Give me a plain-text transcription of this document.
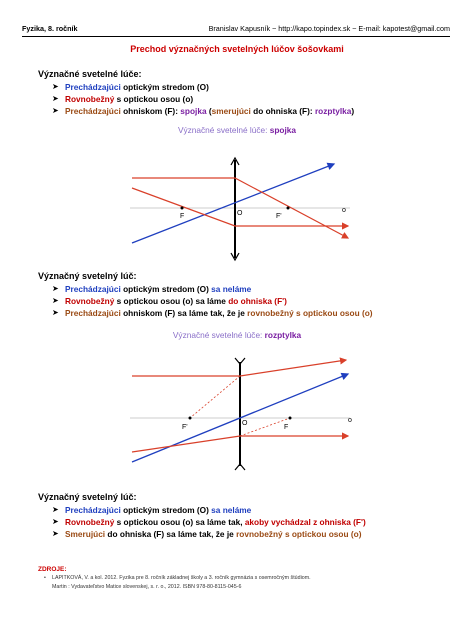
Fyzika, 8. ročník	Branislav Kapusník ~ http://kapo.topindex.sk ~ E-mail: kapotest@gmail.com
Prechod význačných svetelných lúčov šošovkami
Význačné svetelné lúče:
➤ Prechádzajúci optickým stredom (O)
➤ Rovnobežný s optickou osou (o)
➤ Prechádzajúci ohniskom (F): spojka (smerujúci do ohniska (F): rozptylka)
Význačné svetelné lúče: spojka
F	O	F'
o
Význačný svetelný lúč:
➤ Prechádzajúci optickým stredom (O) sa neláme
➤ Rovnobežný s optickou osou (o) sa láme do ohniska (F')
➤ Prechádzajúci ohniskom (F) sa láme tak, že je rovnobežný s optickou osou (o)
Význačné svetelné lúče: rozptylka
F'
O
F
o
Význačný svetelný lúč:
➤ Prechádzajúci optickým stredom (O) sa neláme
➤ Rovnobežný s optickou osou (o) sa láme tak, akoby vychádzal z ohniska (F')
➤ Smerujúci do ohniska (F) sa láme tak, že je rovnobežný s optickou osou (o)
ZDROJE:
• LAPITKOVÁ, V. a kol. 2012. Fyzika pre 8. ročník základnej školy a 3. ročník gymnázia s osemročným štúdiom.
Martin : Vydavateľstvo Matice slovenskej, s. r. o., 2012. ISBN 978-80-8115-045-6
